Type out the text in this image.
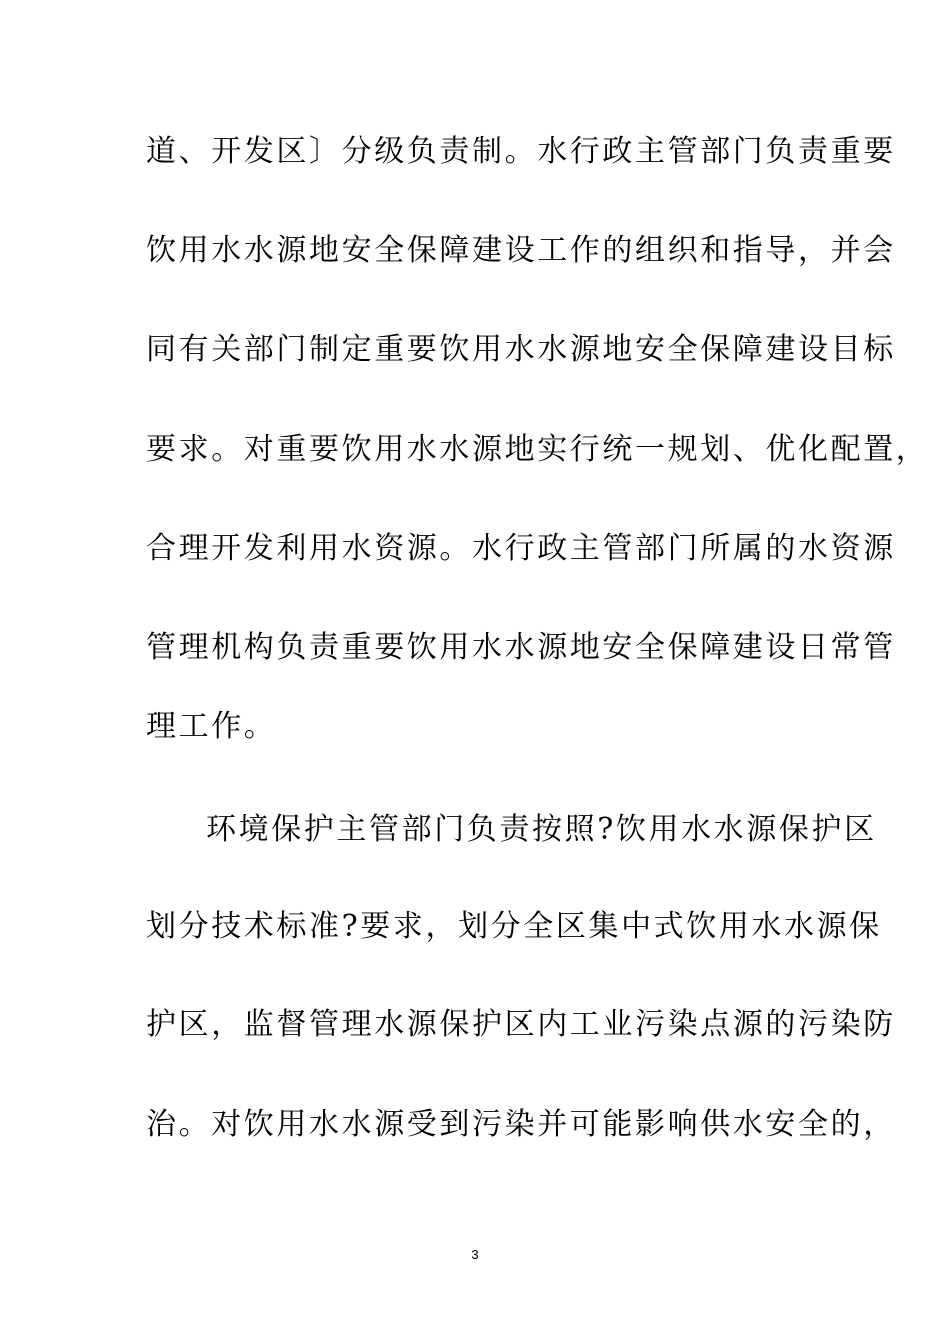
道、开发区〕分级负责制。水行政主管部门负责重要
饮用水水源地安全保障建设工作的组织和指导，并会
同有关部门制定重要饮用水水源地安全保障建设目标
要求。对重要饮用水水源地实行统一规划、优化配置，
合理开发利用水资源。水行政主管部门所属的水资源
管理机构负责重要饮用水水源地安全保障建设日常管
理工作。
环境保护主管部门负责按照?饮用水水源保护区
划分技术标准?要求，划分全区集中式饮用水水源保
护区，监督管理水源保护区内工业污染点源的污染防
治。对饮用水水源受到污染并可能影响供水安全的，
3
